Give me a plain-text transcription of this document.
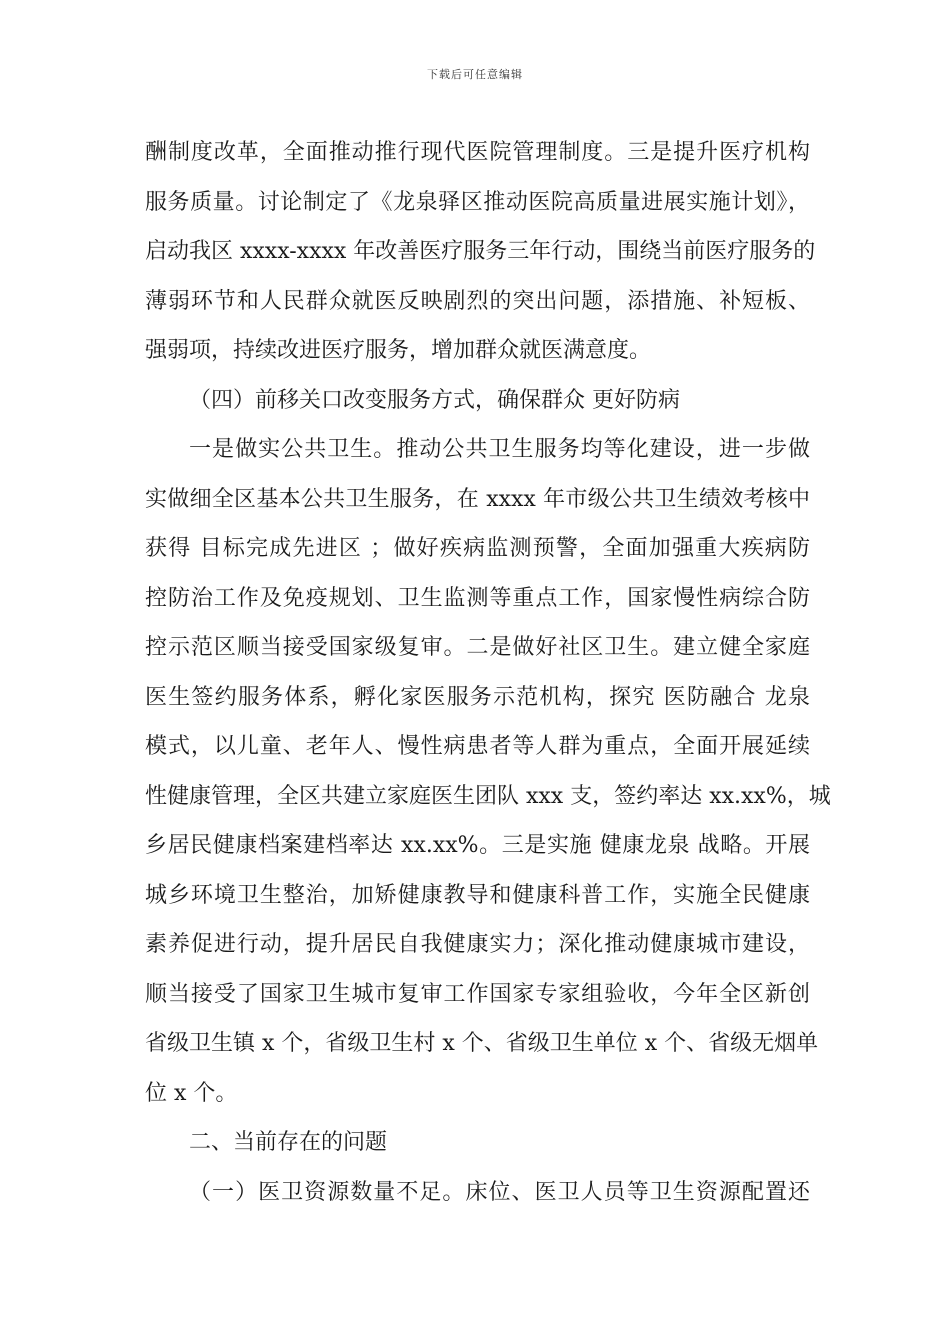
下载后可任意编辑
酬制度改革，全面推动推行现代医院管理制度。三是提升医疗机构
服务质量。讨论制定了《龙泉驿区推动医院高质量进展实施计划》，
启动我区 xxxx-xxxx 年改善医疗服务三年行动，围绕当前医疗服务的
薄弱环节和人民群众就医反映剧烈的突出问题，添措施、补短板、
强弱项，持续改进医疗服务，增加群众就医满意度。
（四）前移关口改变服务方式，确保群众 更好防病
一是做实公共卫生。推动公共卫生服务均等化建设，进一步做
实做细全区基本公共卫生服务，在 xxxx 年市级公共卫生绩效考核中
获得 目标完成先进区 ；做好疾病监测预警，全面加强重大疾病防
控防治工作及免疫规划、卫生监测等重点工作，国家慢性病综合防
控示范区顺当接受国家级复审。二是做好社区卫生。建立健全家庭
医生签约服务体系，孵化家医服务示范机构，探究 医防融合 龙泉
模式，以儿童、老年人、慢性病患者等人群为重点，全面开展延续
性健康管理，全区共建立家庭医生团队 xxx 支，签约率达 xx.xx%，城
乡居民健康档案建档率达 xx.xx%。三是实施 健康龙泉 战略。开展
城乡环境卫生整治，加矫健康教导和健康科普工作，实施全民健康
素养促进行动，提升居民自我健康实力；深化推动健康城市建设，
顺当接受了国家卫生城市复审工作国家专家组验收，今年全区新创
省级卫生镇 x 个，省级卫生村 x 个、省级卫生单位 x 个、省级无烟单
位 x 个。
二、当前存在的问题
（一）医卫资源数量不足。床位、医卫人员等卫生资源配置还
